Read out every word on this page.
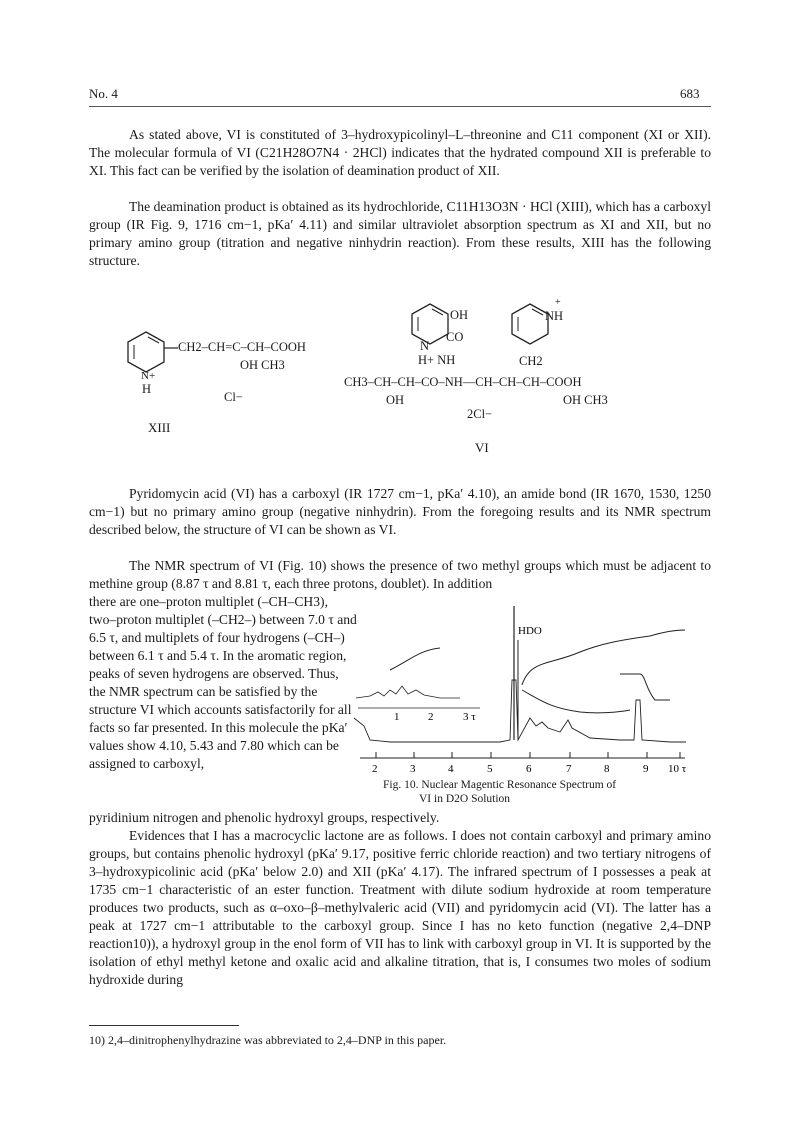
No. 4	683

As stated above, VI is constituted of 3–hydroxypicolinyl–L–threonine and C11 component (XI or XII). The molecular formula of VI (C21H28O7N4 · 2HCl) indicates that the hydrated compound XII is preferable to XI. This fact can be verified by the isolation of deamination product of XII.

The deamination product is obtained as its hydrochloride, C11H13O3N · HCl (XIII), which has a carboxyl group (IR Fig. 9, 1716 cm−1, pKa′ 4.11) and similar ultraviolet absorption spectrum as XI and XII, but no primary amino group (titration and negative ninhydrin reaction). From these results, XIII has the following structure.

CH2–CH=C–CH–COOH
OH CH3
N+
H
Cl−
XIII
OH
CO
N
H+ NH
+
NH
CH2
CH3–CH–CH–CO–NH—CH–CH–CH–COOH
OH	OH CH3
2Cl−
VI

Pyridomycin acid (VI) has a carboxyl (IR 1727 cm−1, pKa′ 4.10), an amide bond (IR 1670, 1530, 1250 cm−1) but no primary amino group (negative ninhydrin). From the foregoing results and its NMR spectrum described below, the structure of VI can be shown as VI.

The NMR spectrum of VI (Fig. 10) shows the presence of two methyl groups which must be adjacent to methine group (8.87 τ and 8.81 τ, each three protons, doublet). In addition

there are one–proton multiplet (–CH–CH3), two–proton multiplet (–CH2–) between 7.0 τ and 6.5 τ, and multiplets of four hydrogens (–CH–) between 6.1 τ and 5.4 τ. In the aromatic region, peaks of seven hydrogens are observed. Thus, the NMR spectrum can be satisfied by the structure VI which accounts satisfactorily for all facts so far presented. In this molecule the pKa′ values show 4.10, 5.43 and 7.80 which can be assigned to carboxyl,

HDO
1	2	3 τ
2	3	4	5	6	7	8	9 10 τ
Fig. 10. Nuclear Magentic Resonance Spectrum of
VI in D2O Solution

pyridinium nitrogen and phenolic hydroxyl groups, respectively.

Evidences that I has a macrocyclic lactone are as follows. I does not contain carboxyl and primary amino groups, but contains phenolic hydroxyl (pKa′ 9.17, positive ferric chloride reaction) and two tertiary nitrogens of 3–hydroxypicolinic acid (pKa′ below 2.0) and XII (pKa′ 4.17). The infrared spectrum of I possesses a peak at 1735 cm−1 characteristic of an ester function. Treatment with dilute sodium hydroxide at room temperature produces two products, such as α–oxo–β–methylvaleric acid (VII) and pyridomycin acid (VI). The latter has a peak at 1727 cm−1 attributable to the carboxyl group. Since I has no keto function (negative 2,4–DNP reaction10)), a hydroxyl group in the enol form of VII has to link with carboxyl group in VI. It is supported by the isolation of ethyl methyl ketone and oxalic acid and alkaline titration, that is, I consumes two moles of sodium hydroxide during

10) 2,4–dinitrophenylhydrazine was abbreviated to 2,4–DNP in this paper.
